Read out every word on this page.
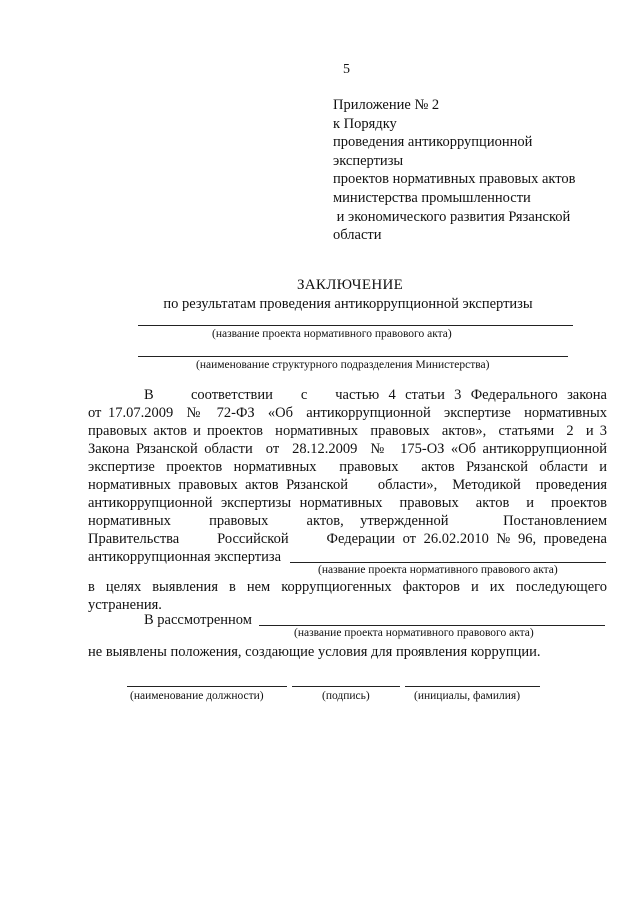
5
Приложение № 2
к Порядку
проведения антикоррупционной
экспертизы
проектов нормативных правовых актов
министерства промышленности
и экономического развития Рязанской
области
ЗАКЛЮЧЕНИЕ
по результатам проведения антикоррупционной экспертизы
(название проекта нормативного правового акта)
(наименование структурного подразделения Министерства)
В        соответствии      с      частью  4  статьи  3  Федерального  закона
от 17.07.2009  №  72-ФЗ  «Об  антикоррупционной  экспертизе  нормативных
правовых актов и проектов  нормативных  правовых  актов»,  статьями  2  и 3
Закона Рязанской области  от  28.12.2009  №  175-ОЗ «Об антикоррупционной
экспертизе  проектов  нормативных    правовых    актов  Рязанской  области  и
нормативных правовых актов Рязанской    области»,  Методикой  проведения
антикоррупционной экспертизы нормативных  правовых  актов  и  проектов
нормативных       правовых       актов,   утвержденной          Постановлением
Правительства          Российской          Федерации  от  26.02.2010  №  96,  проведена
антикоррупционная экспертиза
(название проекта нормативного правового акта)
в  целях  выявления  в  нем  коррупциогенных  факторов  и  их  последующего
устранения.
В рассмотренном
(название проекта нормативного правового акта)
не выявлены положения, создающие условия для проявления коррупции.
(наименование должности)	(подпись)	(инициалы, фамилия)
